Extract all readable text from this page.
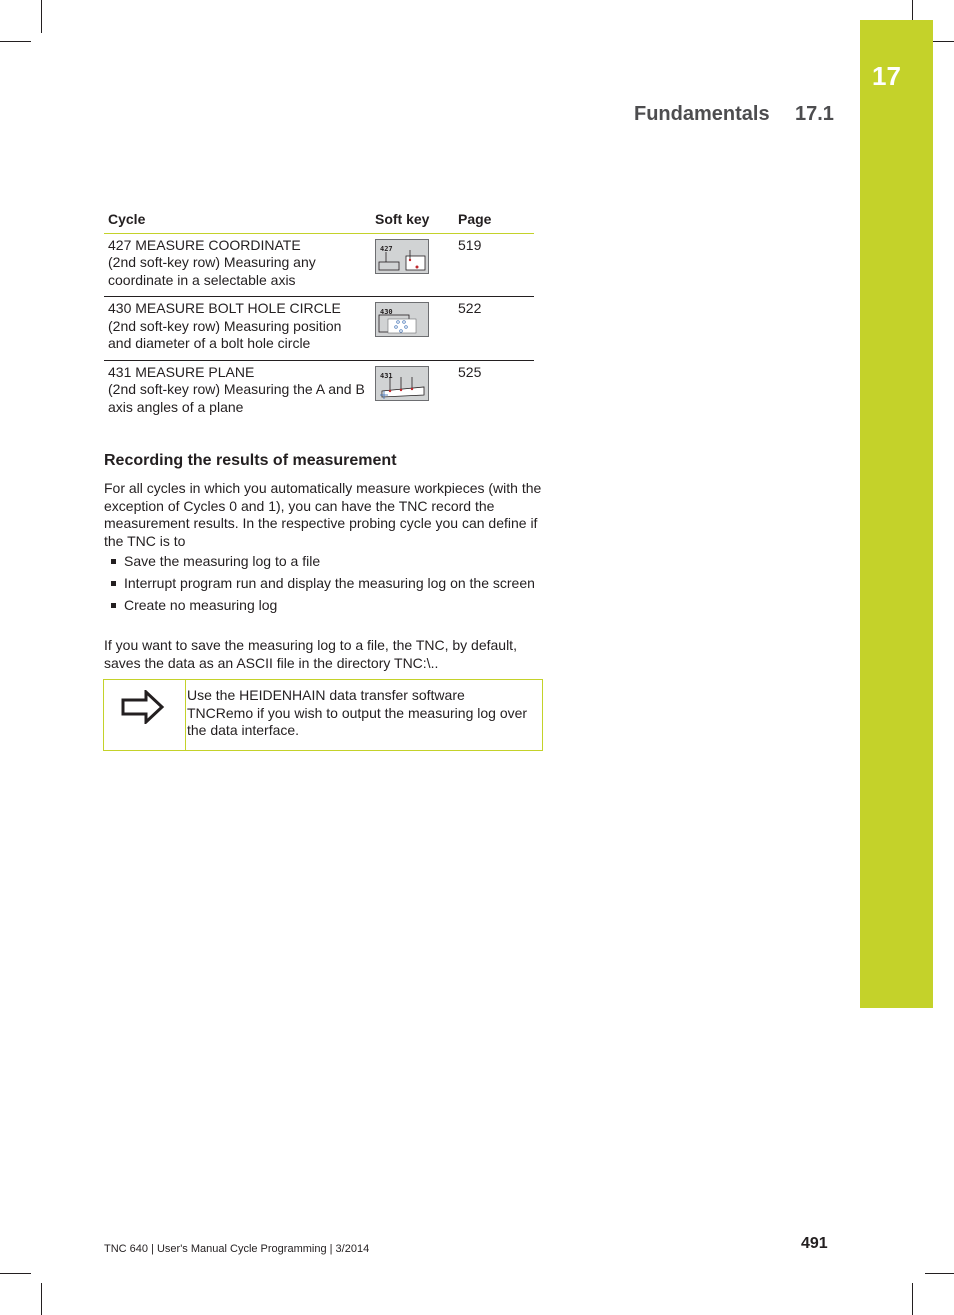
17
Fundamentals 17.1
Cycle	Soft key	Page

427 MEASURE COORDINATE
(2nd soft-key row) Measuring any coordinate in a selectable axis	427	519

430 MEASURE BOLT HOLE CIRCLE
(2nd soft-key row) Measuring position and diameter of a bolt hole circle	430	522

431 MEASURE PLANE
(2nd soft-key row) Measuring the A and B axis angles of a plane	431	525
Recording the results of measurement
For all cycles in which you automatically measure workpieces (with the exception of Cycles 0 and 1), you can have the TNC record the measurement results. In the respective probing cycle you can define if the TNC is to
Save the measuring log to a file
Interrupt program run and display the measuring log on the screen
Create no measuring log
If you want to save the measuring log to a file, the TNC, by default, saves the data as an ASCII file in the directory TNC:\..
Use the HEIDENHAIN data transfer software TNCRemo if you wish to output the measuring log over the data interface.
TNC 640 | User's Manual Cycle Programming | 3/2014	491
